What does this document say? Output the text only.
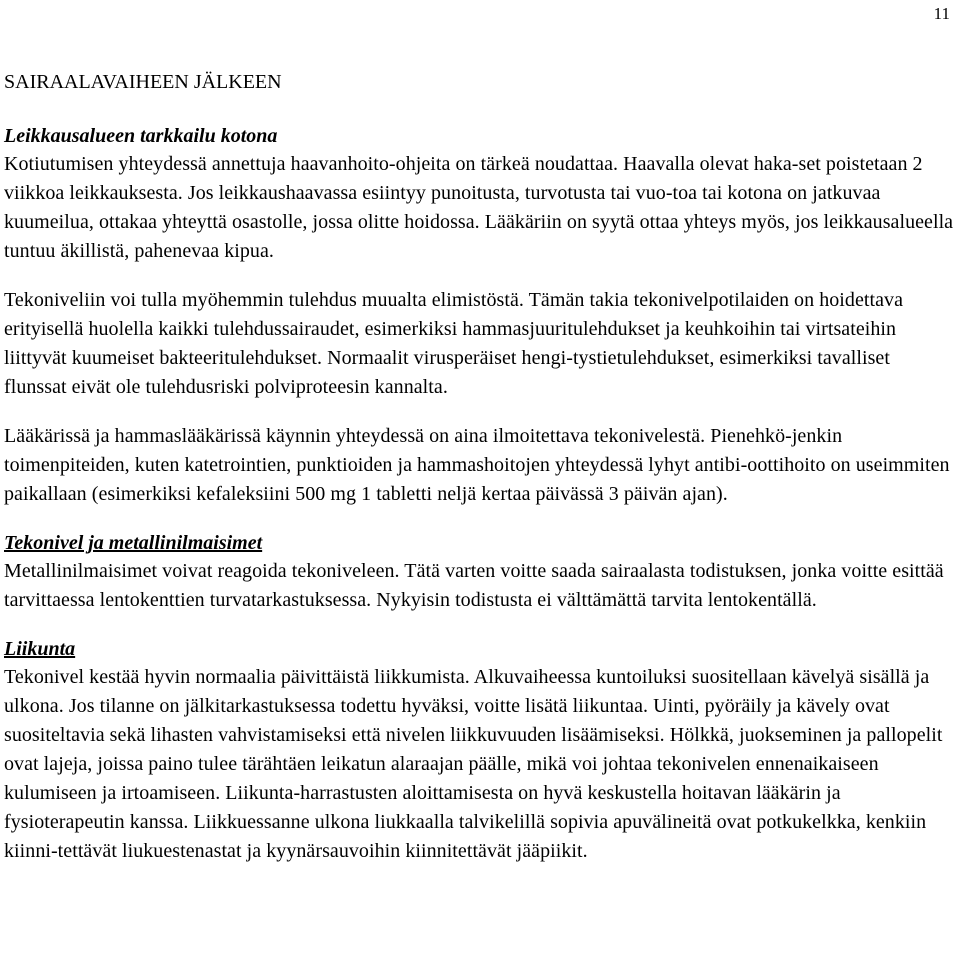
11
SAIRAALAVAIHEEN JÄLKEEN
Leikkausalueen tarkkailu kotona

Kotiutumisen yhteydessä annettuja haavanhoito-ohjeita on tärkeä noudattaa. Haavalla olevat haka-set poistetaan 2 viikkoa leikkauksesta. Jos leikkaushaavassa esiintyy punoitusta, turvotusta tai vuo-toa tai kotona on jatkuvaa kuumeilua, ottakaa yhteyttä osastolle, jossa olitte hoidossa. Lääkäriin on syytä ottaa yhteys myös, jos leikkausalueella tuntuu äkillistä, pahenevaa kipua.

Tekoniveliin voi tulla myöhemmin tulehdus muualta elimistöstä. Tämän takia tekonivelpotilaiden on hoidettava erityisellä huolella kaikki tulehdussairaudet, esimerkiksi hammasjuuritulehdukset ja keuhkoihin tai virtsateihin liittyvät kuumeiset bakteeritulehdukset. Normaalit virusperäiset hengi-tystietulehdukset, esimerkiksi tavalliset flunssat eivät ole tulehdusriski polviproteesin kannalta.

Lääkärissä ja hammaslääkärissä käynnin yhteydessä on aina ilmoitettava tekonivelestä. Pienehkö-jenkin toimenpiteiden, kuten katetrointien, punktioiden ja hammashoitojen yhteydessä lyhyt antibi-oottihoito on useimmiten paikallaan (esimerkiksi kefaleksiini 500 mg 1 tabletti neljä kertaa päivässä 3 päivän ajan).

Tekonivel ja metallinilmaisimet

Metallinilmaisimet voivat reagoida tekoniveleen. Tätä varten voitte saada sairaalasta todistuksen, jonka voitte esittää tarvittaessa lentokenttien turvatarkastuksessa. Nykyisin todistusta ei välttämättä tarvita lentokentällä.

Liikunta

Tekonivel kestää hyvin normaalia päivittäistä liikkumista. Alkuvaiheessa kuntoiluksi suositellaan kävelyä sisällä ja ulkona. Jos tilanne on jälkitarkastuksessa todettu hyväksi, voitte lisätä liikuntaa. Uinti, pyöräily ja kävely ovat suositeltavia sekä lihasten vahvistamiseksi että nivelen liikkuvuuden lisäämiseksi. Hölkkä, juokseminen ja pallopelit ovat lajeja, joissa paino tulee tärähtäen leikatun alaraajan päälle, mikä voi johtaa tekonivelen ennenaikaiseen kulumiseen ja irtoamiseen. Liikunta-harrastusten aloittamisesta on hyvä keskustella hoitavan lääkärin ja fysioterapeutin kanssa. Liikkuessanne ulkona liukkaalla talvikelillä sopivia apuvälineitä ovat potkukelkka, kenkiin kiinni-tettävät liukuestenastat ja kyynärsauvoihin kiinnitettävät jääpiikit.
